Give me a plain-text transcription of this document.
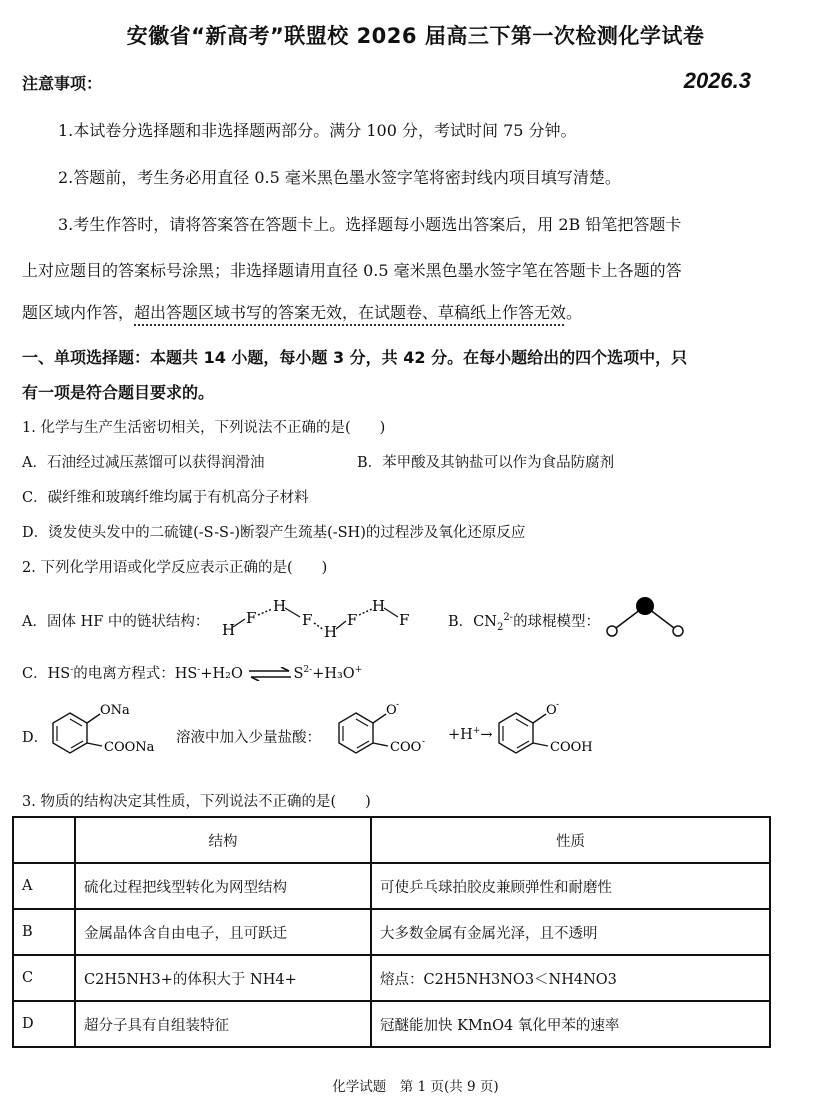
安徽省“新高考”联盟校 2026 届高三下第一次检测化学试卷
注意事项：	2026.3
1.本试卷分选择题和非选择题两部分。满分 100 分，考试时间 75 分钟。
2.答题前，考生务必用直径 0.5 毫米黑色墨水签字笔将密封线内项目填写清楚。
3.考生作答时，请将答案答在答题卡上。选择题每小题选出答案后，用 2B 铅笔把答题卡
上对应题目的答案标号涂黑；非选择题请用直径 0.5 毫米黑色墨水签字笔在答题卡上各题的答
题区域内作答，超出答题区域书写的答案无效，在试题卷、草稿纸上作答无效。
一、单项选择题：本题共 14 小题，每小题 3 分，共 42 分。在每小题给出的四个选项中，只
有一项是符合题目要求的。
1. 化学与生产生活密切相关，下列说法不正确的是(　　)
A．石油经过减压蒸馏可以获得润滑油	B．苯甲酸及其钠盐可以作为食品防腐剂
C．碳纤维和玻璃纤维均属于有机高分子材料
D．烫发使头发中的二硫键(-S-S-)断裂产生巯基(-SH)的过程涉及氧化还原反应
2. 下列化学用语或化学反应表示正确的是(　　)
A．固体 HF 中的链状结构： H
F
H
F
H
F
H
F	B．$CN_2^{2-}$的球棍模型：
C．HS-的电离方程式：HS-+H₂O $\rightleftharpoons S^{2-}+H_3O^+$
D．
ONa
COONa
溶液中加入少量盐酸：
O -
COO - +H+→
O -
COOH
3. 物质的结构决定其性质，下列说法不正确的是(　　)
	结构	性质
A	硫化过程把线型转化为网型结构	可使乒乓球拍胶皮兼顾弹性和耐磨性
B	金属晶体含自由电子，且可跃迁	大多数金属有金属光泽，且不透明
C	C2H5NH3+的体积大于 NH4+	熔点：C2H5NH3NO3＜NH4NO3
D	超分子具有自组装特征	冠醚能加快 KMnO4 氧化甲苯的速率
化学试题　第 1 页(共 9 页)
